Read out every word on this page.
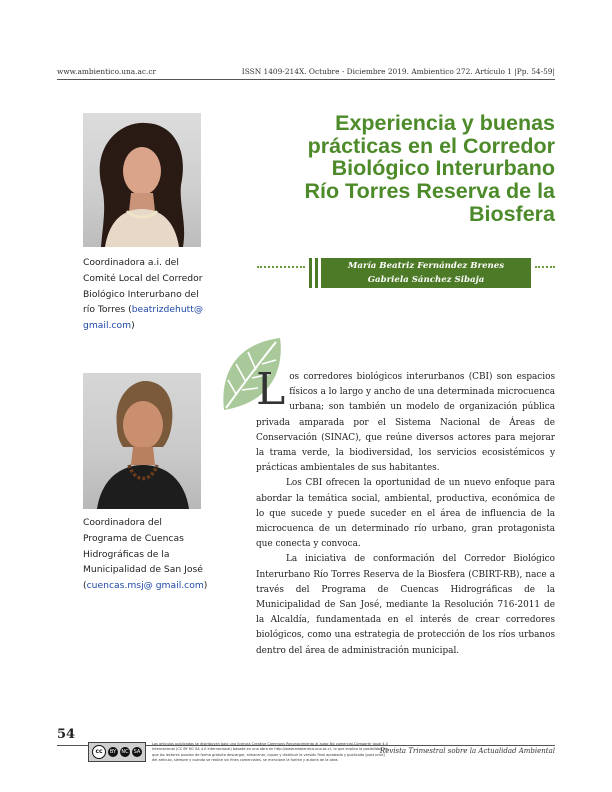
www.ambientico.una.ac.cr	ISSN 1409-214X. Octubre - Diciembre 2019. Ambientico 272. Artículo 1 |Pp. 54-59|
Coordinadora a.i. del Comité Local del Corredor Biológico Interurbano del río Torres (beatrizdehutt@ gmail.com)
Coordinadora del Programa de Cuencas Hidrográficas de la Municipalidad de San José (cuencas.msj@ gmail.com)
Experiencia y buenas prácticas en el Corredor Biológico Interurbano Río Torres Reserva de la Biosfera
María Beatriz Fernández Brenes
Gabriela Sánchez Sibaja

Los corredores biológicos interurbanos (CBI) son espacios físicos a lo largo y ancho de una determinada microcuenca urbana; son también un modelo de organización pública privada amparada por el Sistema Nacional de Áreas de Conservación (SINAC), que reúne diversos actores para mejorar la trama verde, la biodiversidad, los servicios ecosistémicos y prácticas ambientales de sus habitantes.

Los CBI ofrecen la oportunidad de un nuevo enfoque para abordar la temática social, ambiental, productiva, económica de lo que sucede y puede suceder en el área de influencia de la microcuenca de un determinado río urbano, gran protagonista que conecta y convoca.

La iniciativa de conformación del Corredor Biológico Interurbano Río Torres Reserva de la Biosfera (CBIRT-RB), nace a través del Programa de Cuencas Hidrográficas de la Municipalidad de San José, mediante la Resolución 716-2011 de la Alcaldía, fundamentada en el interés de crear corredores biológicos, como una estrategia de protección de los ríos urbanos dentro del área de administración municipal.

54
cc	BY	NC	SA
Los artículos publicados se distribuyen bajo una licencia Creative Commons Reconocimiento al autor-No comercial-Compartir igual 4.0 Internacional (CC BY NC SA 4.0 Internacional) basada en una obra en http://www.ambientico.una.ac.cr, lo que implica la posibilidad de que los lectores puedan de forma gratuita descargar, almacenar, copiar y distribuir la versión final aprobada y publicada (post print) del artículo, siempre y cuando se realice sin fines comerciales, se mencione la fuente y autoría de la obra.
Revista Trimestral sobre la Actualidad Ambiental
